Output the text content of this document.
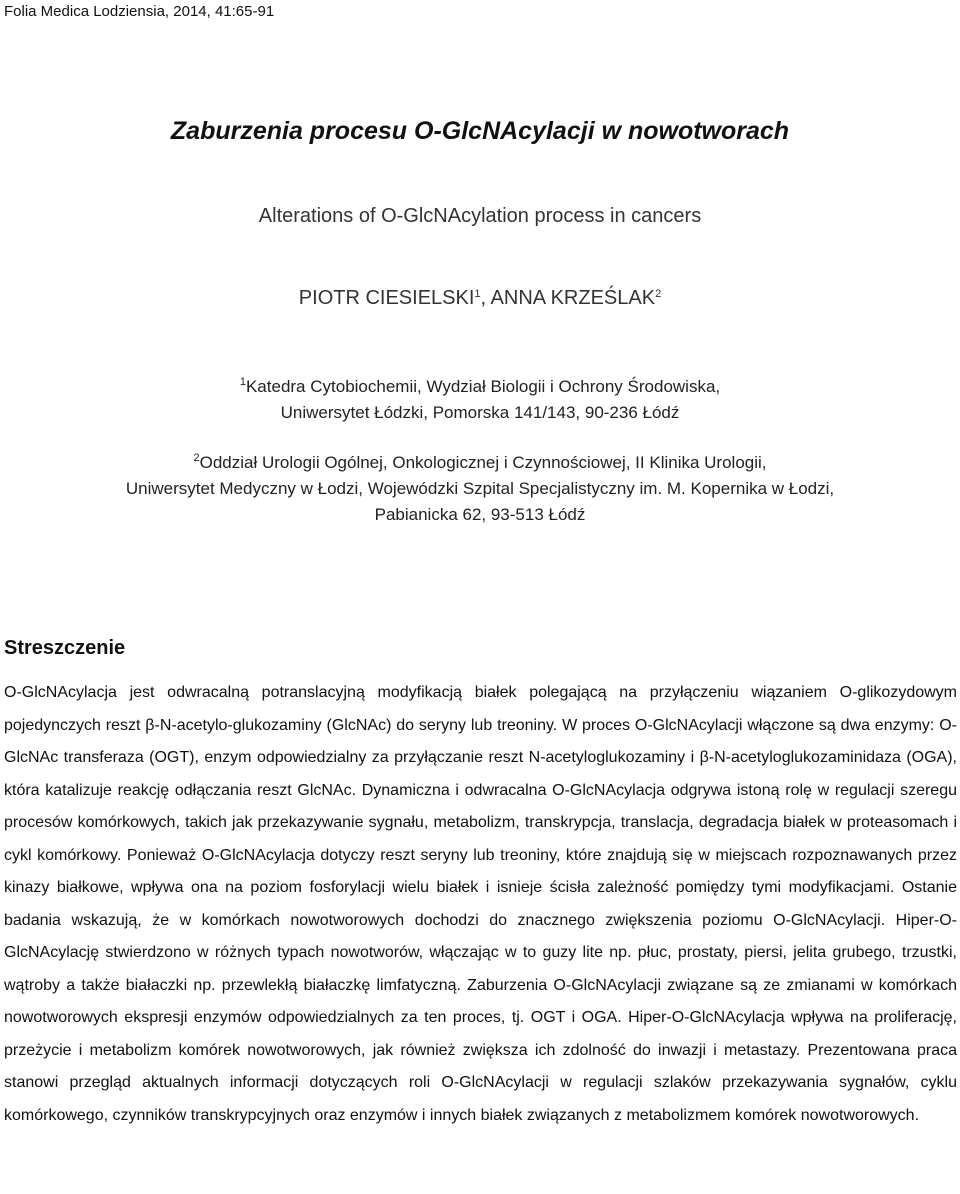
Folia Medica Lodziensia, 2014, 41:65-91
Zaburzenia procesu O-GlcNAcylacji w nowotworach
Alterations of O-GlcNAcylation process in cancers
PIOTR CIESIELSKI$^1$, ANNA KRZEŚLAK$^2$
$^1$Katedra Cytobiochemii, Wydział Biologii i Ochrony Środowiska,
Uniwersytet Łódzki, Pomorska 141/143, 90-236 Łódź
$^2$Oddział Urologii Ogólnej, Onkologicznej i Czynnościowej, II Klinika Urologii,
Uniwersytet Medyczny w Łodzi, Wojewódzki Szpital Specjalistyczny im. M. Kopernika w Łodzi,
Pabianicka 62, 93-513 Łódź
Streszczenie
O-GlcNAcylacja jest odwracalną potranslacyjną modyfikacją białek polegającą na przyłączeniu wiązaniem O-glikozydowym pojedynczych reszt β-N-acetylo-glukozaminy (GlcNAc) do seryny lub treoniny. W proces O-GlcNAcylacji włączone są dwa enzymy: O-GlcNAc transferaza (OGT), enzym odpowiedzialny za przyłączanie reszt N-acetyloglukozaminy i β-N-acetyloglukozaminidaza (OGA), która katalizuje reakcję odłączania reszt GlcNAc. Dynamiczna i odwracalna O-GlcNAcylacja odgrywa istoną rolę w regulacji szeregu procesów komórkowych, takich jak przekazywanie sygnału, metabolizm, transkrypcja, translacja, degradacja białek w proteasomach i cykl komórkowy. Ponieważ O-GlcNAcylacja dotyczy reszt seryny lub treoniny, które znajdują się w miejscach rozpoznawanych przez kinazy białkowe, wpływa ona na poziom fosforylacji wielu białek i isnieje ścisła zależność pomiędzy tymi modyfikacjami. Ostanie badania wskazują, że w komórkach nowotworowych dochodzi do znacznego zwiększenia poziomu O-GlcNAcylacji. Hiper-O-GlcNAcylację stwierdzono w różnych typach nowotworów, włączając w to guzy lite np. płuc, prostaty, piersi, jelita grubego, trzustki, wątroby a także białaczki np. przewlekłą białaczkę limfatyczną. Zaburzenia O-GlcNAcylacji związane są ze zmianami w komórkach nowotworowych ekspresji enzymów odpowiedzialnych za ten proces, tj. OGT i OGA. Hiper-O-GlcNAcylacja wpływa na proliferację, przeżycie i metabolizm komórek nowotworowych, jak również zwiększa ich zdolność do inwazji i metastazy. Prezentowana praca stanowi przegląd aktualnych informacji dotyczących roli O-GlcNAcylacji w regulacji szlaków przekazywania sygnałów, cyklu komórkowego, czynników transkrypcyjnych oraz enzymów i innych białek związanych z metabolizmem komórek nowotworowych.
